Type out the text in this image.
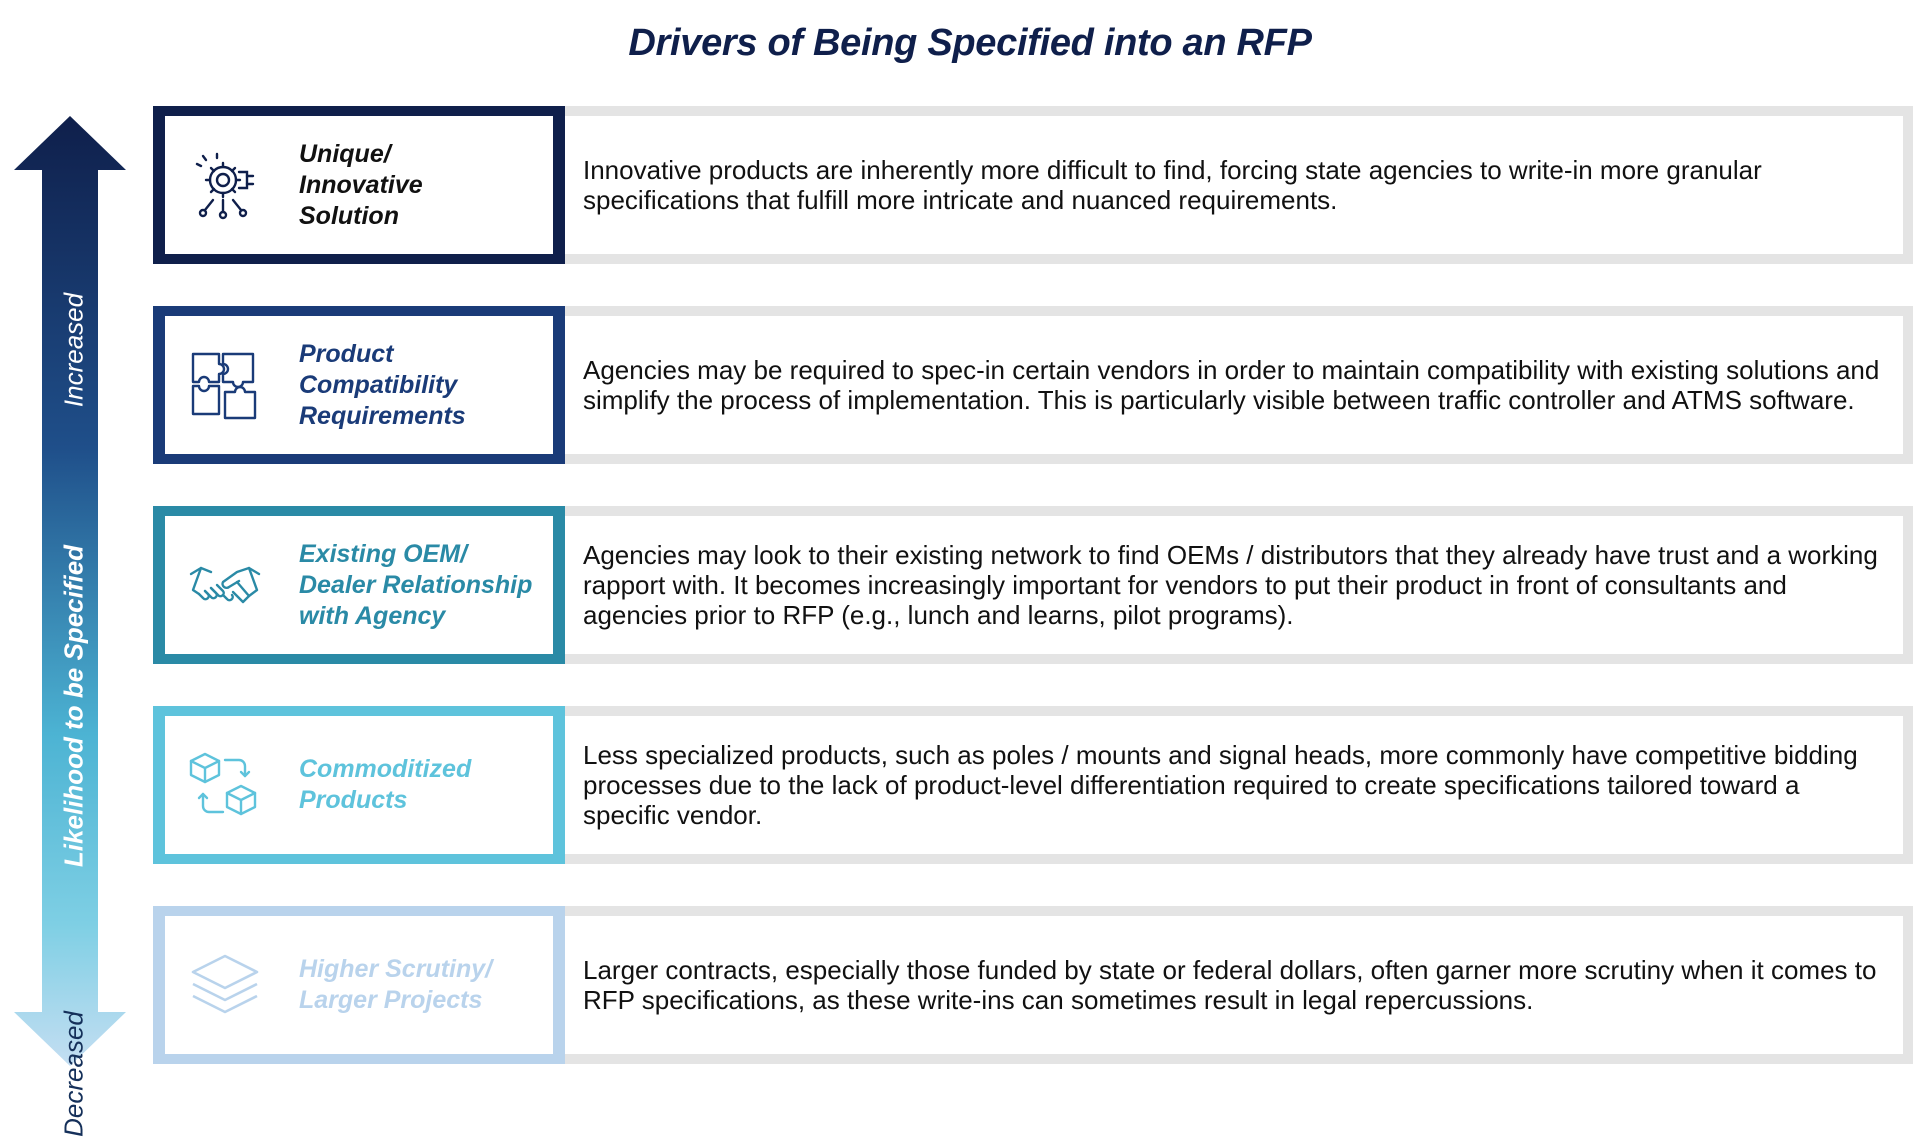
Drivers of Being Specified into an RFP
Increased
Likelihood to be Specified
Decreased
Unique/
Innovative
Solution
Innovative products are inherently more difficult to find, forcing state agencies to write-in more granular specifications that fulfill more intricate and nuanced requirements.
Product
Compatibility
Requirements
Agencies may be required to spec-in certain vendors in order to maintain compatibility with existing solutions and simplify the process of implementation. This is particularly visible between traffic controller and ATMS software.
Existing OEM/
Dealer Relationship
with Agency
Agencies may look to their existing network to find OEMs / distributors that they already have trust and a working rapport with. It becomes increasingly important for vendors to put their product in front of consultants and agencies prior to RFP (e.g., lunch and learns, pilot programs).
Commoditized
Products
Less specialized products, such as poles / mounts and signal heads, more commonly have competitive bidding processes due to the lack of product-level differentiation required to create specifications tailored toward a specific vendor.
Higher Scrutiny/
Larger Projects
Larger contracts, especially those funded by state or federal dollars, often garner more scrutiny when it comes to RFP specifications, as these write-ins can sometimes result in legal repercussions.
